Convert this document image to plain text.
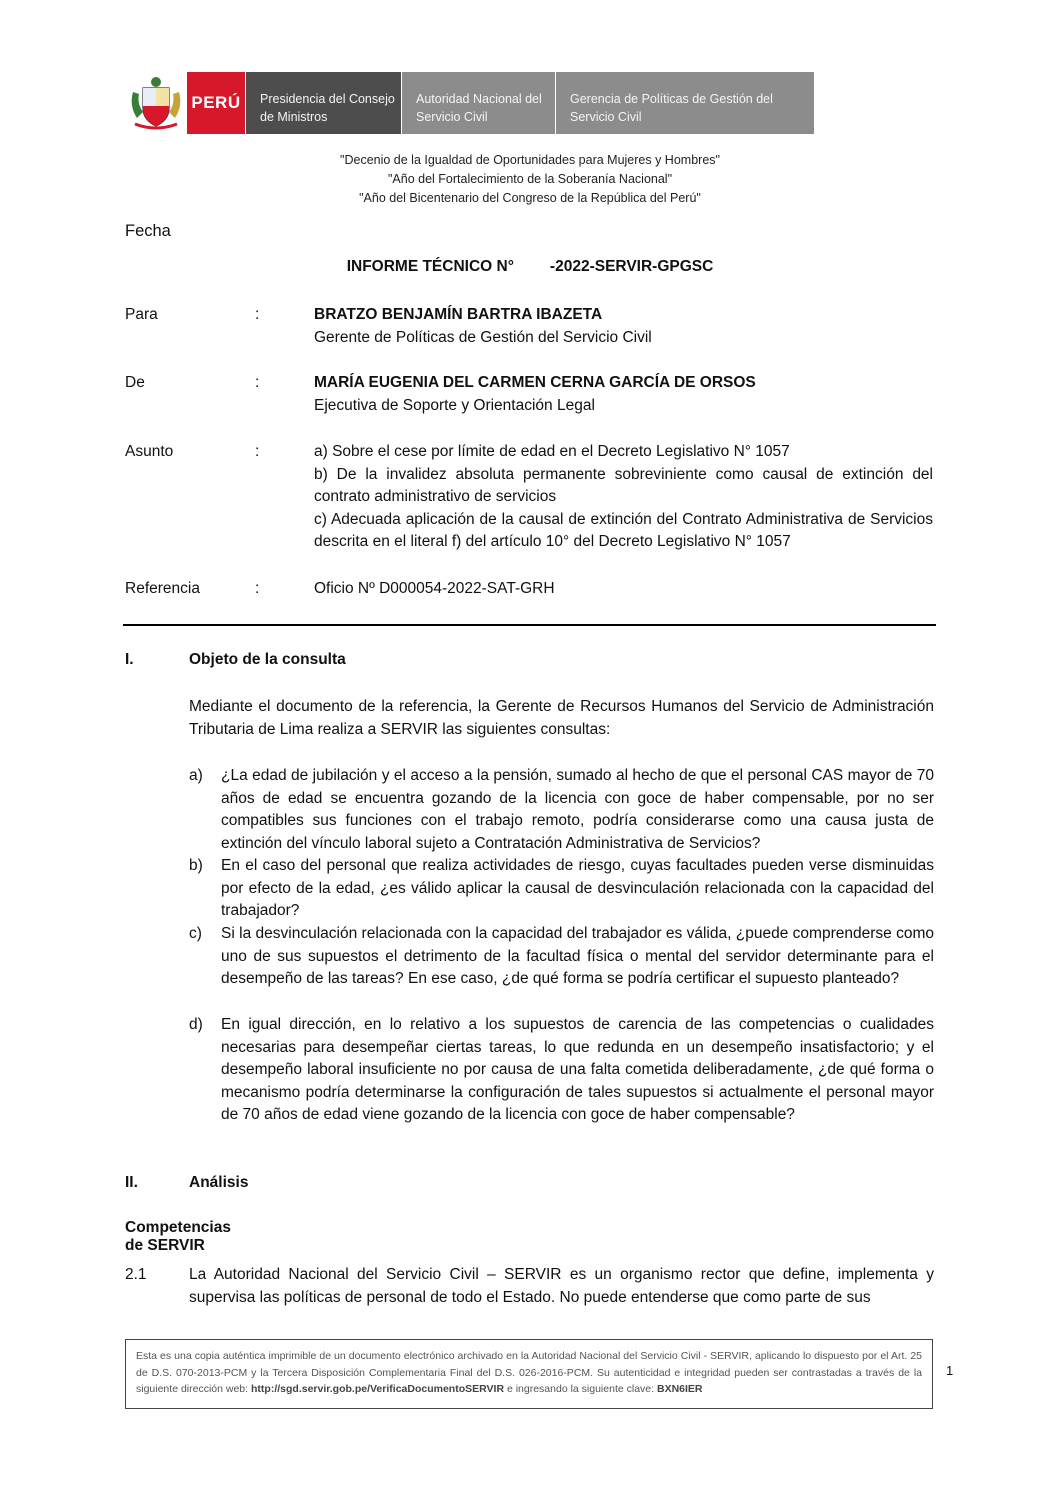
PERÚ	Presidencia del Consejo de Ministros
Autoridad Nacional del Servicio Civil
Gerencia de Políticas de Gestión del Servicio Civil
"Decenio de la Igualdad de Oportunidades para Mujeres y Hombres"
"Año del Fortalecimiento de la Soberanía Nacional"
"Año del Bicentenario del Congreso de la República del Perú"
Fecha
INFORME TÉCNICO N° -2022-SERVIR-GPGSC
Para	:	BRATZO BENJAMÍN BARTRA IBAZETA
Gerente de Políticas de Gestión del Servicio Civil
De	:	MARÍA EUGENIA DEL CARMEN CERNA GARCÍA DE ORSOS
Ejecutiva de Soporte y Orientación Legal
Asunto	:	a) Sobre el cese por límite de edad en el Decreto Legislativo N° 1057
b) De la invalidez absoluta permanente sobreviniente como causal de extinción del contrato administrativo de servicios
c) Adecuada aplicación de la causal de extinción del Contrato Administrativa de Servicios descrita en el literal f) del artículo 10° del Decreto Legislativo N° 1057
Referencia	:	Oficio Nº D000054-2022-SAT-GRH
I.	Objeto de la consulta
Mediante el documento de la referencia, la Gerente de Recursos Humanos del Servicio de Administración Tributaria de Lima realiza a SERVIR las siguientes consultas:
a) ¿La edad de jubilación y el acceso a la pensión, sumado al hecho de que el personal CAS mayor de 70 años de edad se encuentra gozando de la licencia con goce de haber compensable, por no ser compatibles sus funciones con el trabajo remoto, podría considerarse como una causa justa de extinción del vínculo laboral sujeto a Contratación Administrativa de Servicios?
b) En el caso del personal que realiza actividades de riesgo, cuyas facultades pueden verse disminuidas por efecto de la edad, ¿es válido aplicar la causal de desvinculación relacionada con la capacidad del trabajador?
c) Si la desvinculación relacionada con la capacidad del trabajador es válida, ¿puede comprenderse como uno de sus supuestos el detrimento de la facultad física o mental del servidor determinante para el desempeño de las tareas? En ese caso, ¿de qué forma se podría certificar el supuesto planteado?
d) En igual dirección, en lo relativo a los supuestos de carencia de las competencias o cualidades necesarias para desempeñar ciertas tareas, lo que redunda en un desempeño insatisfactorio; y el desempeño laboral insuficiente no por causa de una falta cometida deliberadamente, ¿de qué forma o mecanismo podría determinarse la configuración de tales supuestos si actualmente el personal mayor de 70 años de edad viene gozando de la licencia con goce de haber compensable?
II.	Análisis
Competencias de SERVIR
2.1	La Autoridad Nacional del Servicio Civil – SERVIR es un organismo rector que define, implementa y supervisa las políticas de personal de todo el Estado. No puede entenderse que como parte de sus
Esta es una copia auténtica imprimible de un documento electrónico archivado en la Autoridad Nacional del Servicio Civil - SERVIR, aplicando lo dispuesto por el Art. 25 de D.S. 070-2013-PCM y la Tercera Disposición Complementaria Final del D.S. 026-2016-PCM. Su autenticidad e integridad pueden ser contrastadas a través de la siguiente dirección web: http://sgd.servir.gob.pe/VerificaDocumentoSERVIR e ingresando la siguiente clave: BXN6IER
1
